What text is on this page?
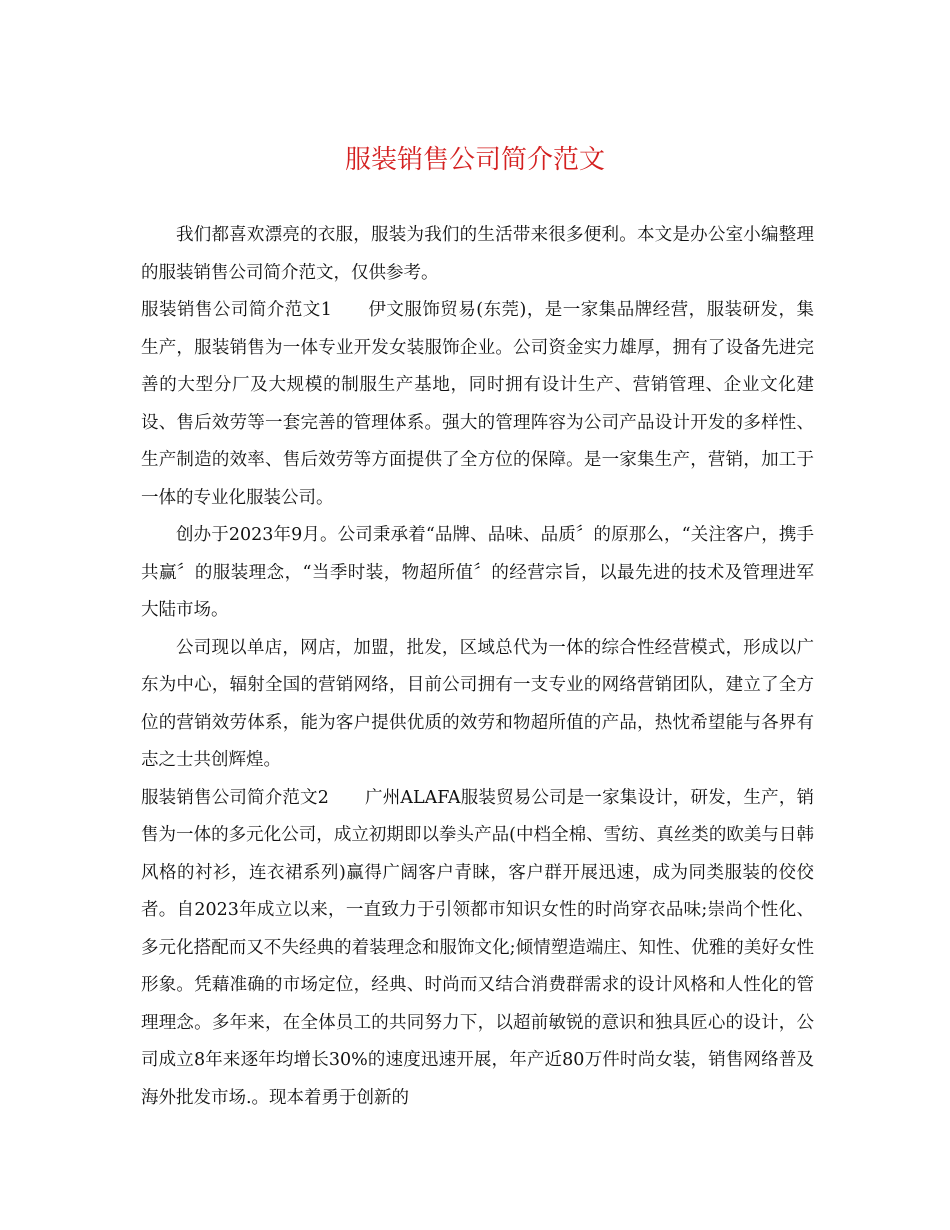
服装销售公司简介范文

我们都喜欢漂亮的衣服，服装为我们的生活带来很多便利。本文是办公室小编整理的服装销售公司简介范文，仅供参考。

服装销售公司简介范文1 伊文服饰贸易(东莞)，是一家集品牌经营，服装研发，集生产，服装销售为一体专业开发女装服饰企业。公司资金实力雄厚，拥有了设备先进完善的大型分厂及大规模的制服生产基地，同时拥有设计生产、营销管理、企业文化建设、售后效劳等一套完善的管理体系。强大的管理阵容为公司产品设计开发的多样性、生产制造的效率、售后效劳等方面提供了全方位的保障。是一家集生产，营销，加工于一体的专业化服装公司。

创办于2023年9月。公司秉承着“品牌、品味、品质〞的原那么，“关注客户，携手共赢〞的服装理念，“当季时装，物超所值〞的经营宗旨，以最先进的技术及管理进军大陆市场。

公司现以单店，网店，加盟，批发，区域总代为一体的综合性经营模式，形成以广东为中心，辐射全国的营销网络，目前公司拥有一支专业的网络营销团队，建立了全方位的营销效劳体系，能为客户提供优质的效劳和物超所值的产品，热忱希望能与各界有志之士共创辉煌。

服装销售公司简介范文2 广州ALAFA服装贸易公司是一家集设计，研发，生产，销售为一体的多元化公司，成立初期即以拳头产品(中档全棉、雪纺、真丝类的欧美与日韩风格的衬衫，连衣裙系列)赢得广阔客户青睐，客户群开展迅速，成为同类服装的佼佼者。自2023年成立以来，一直致力于引领都市知识女性的时尚穿衣品味;崇尚个性化、 多元化搭配而又不失经典的着装理念和服饰文化;倾情塑造端庄、知性、优雅的美好女性形象。凭藉准确的市场定位，经典、时尚而又结合消费群需求的设计风格和人性化的管理理念。多年来，在全体员工的共同努力下，以超前敏锐的意识和独具匠心的设计，公司成立8年来逐年均增长30%的速度迅速开展，年产近80万件时尚女装，销售网络普及海外批发市场.。现本着勇于创新的
